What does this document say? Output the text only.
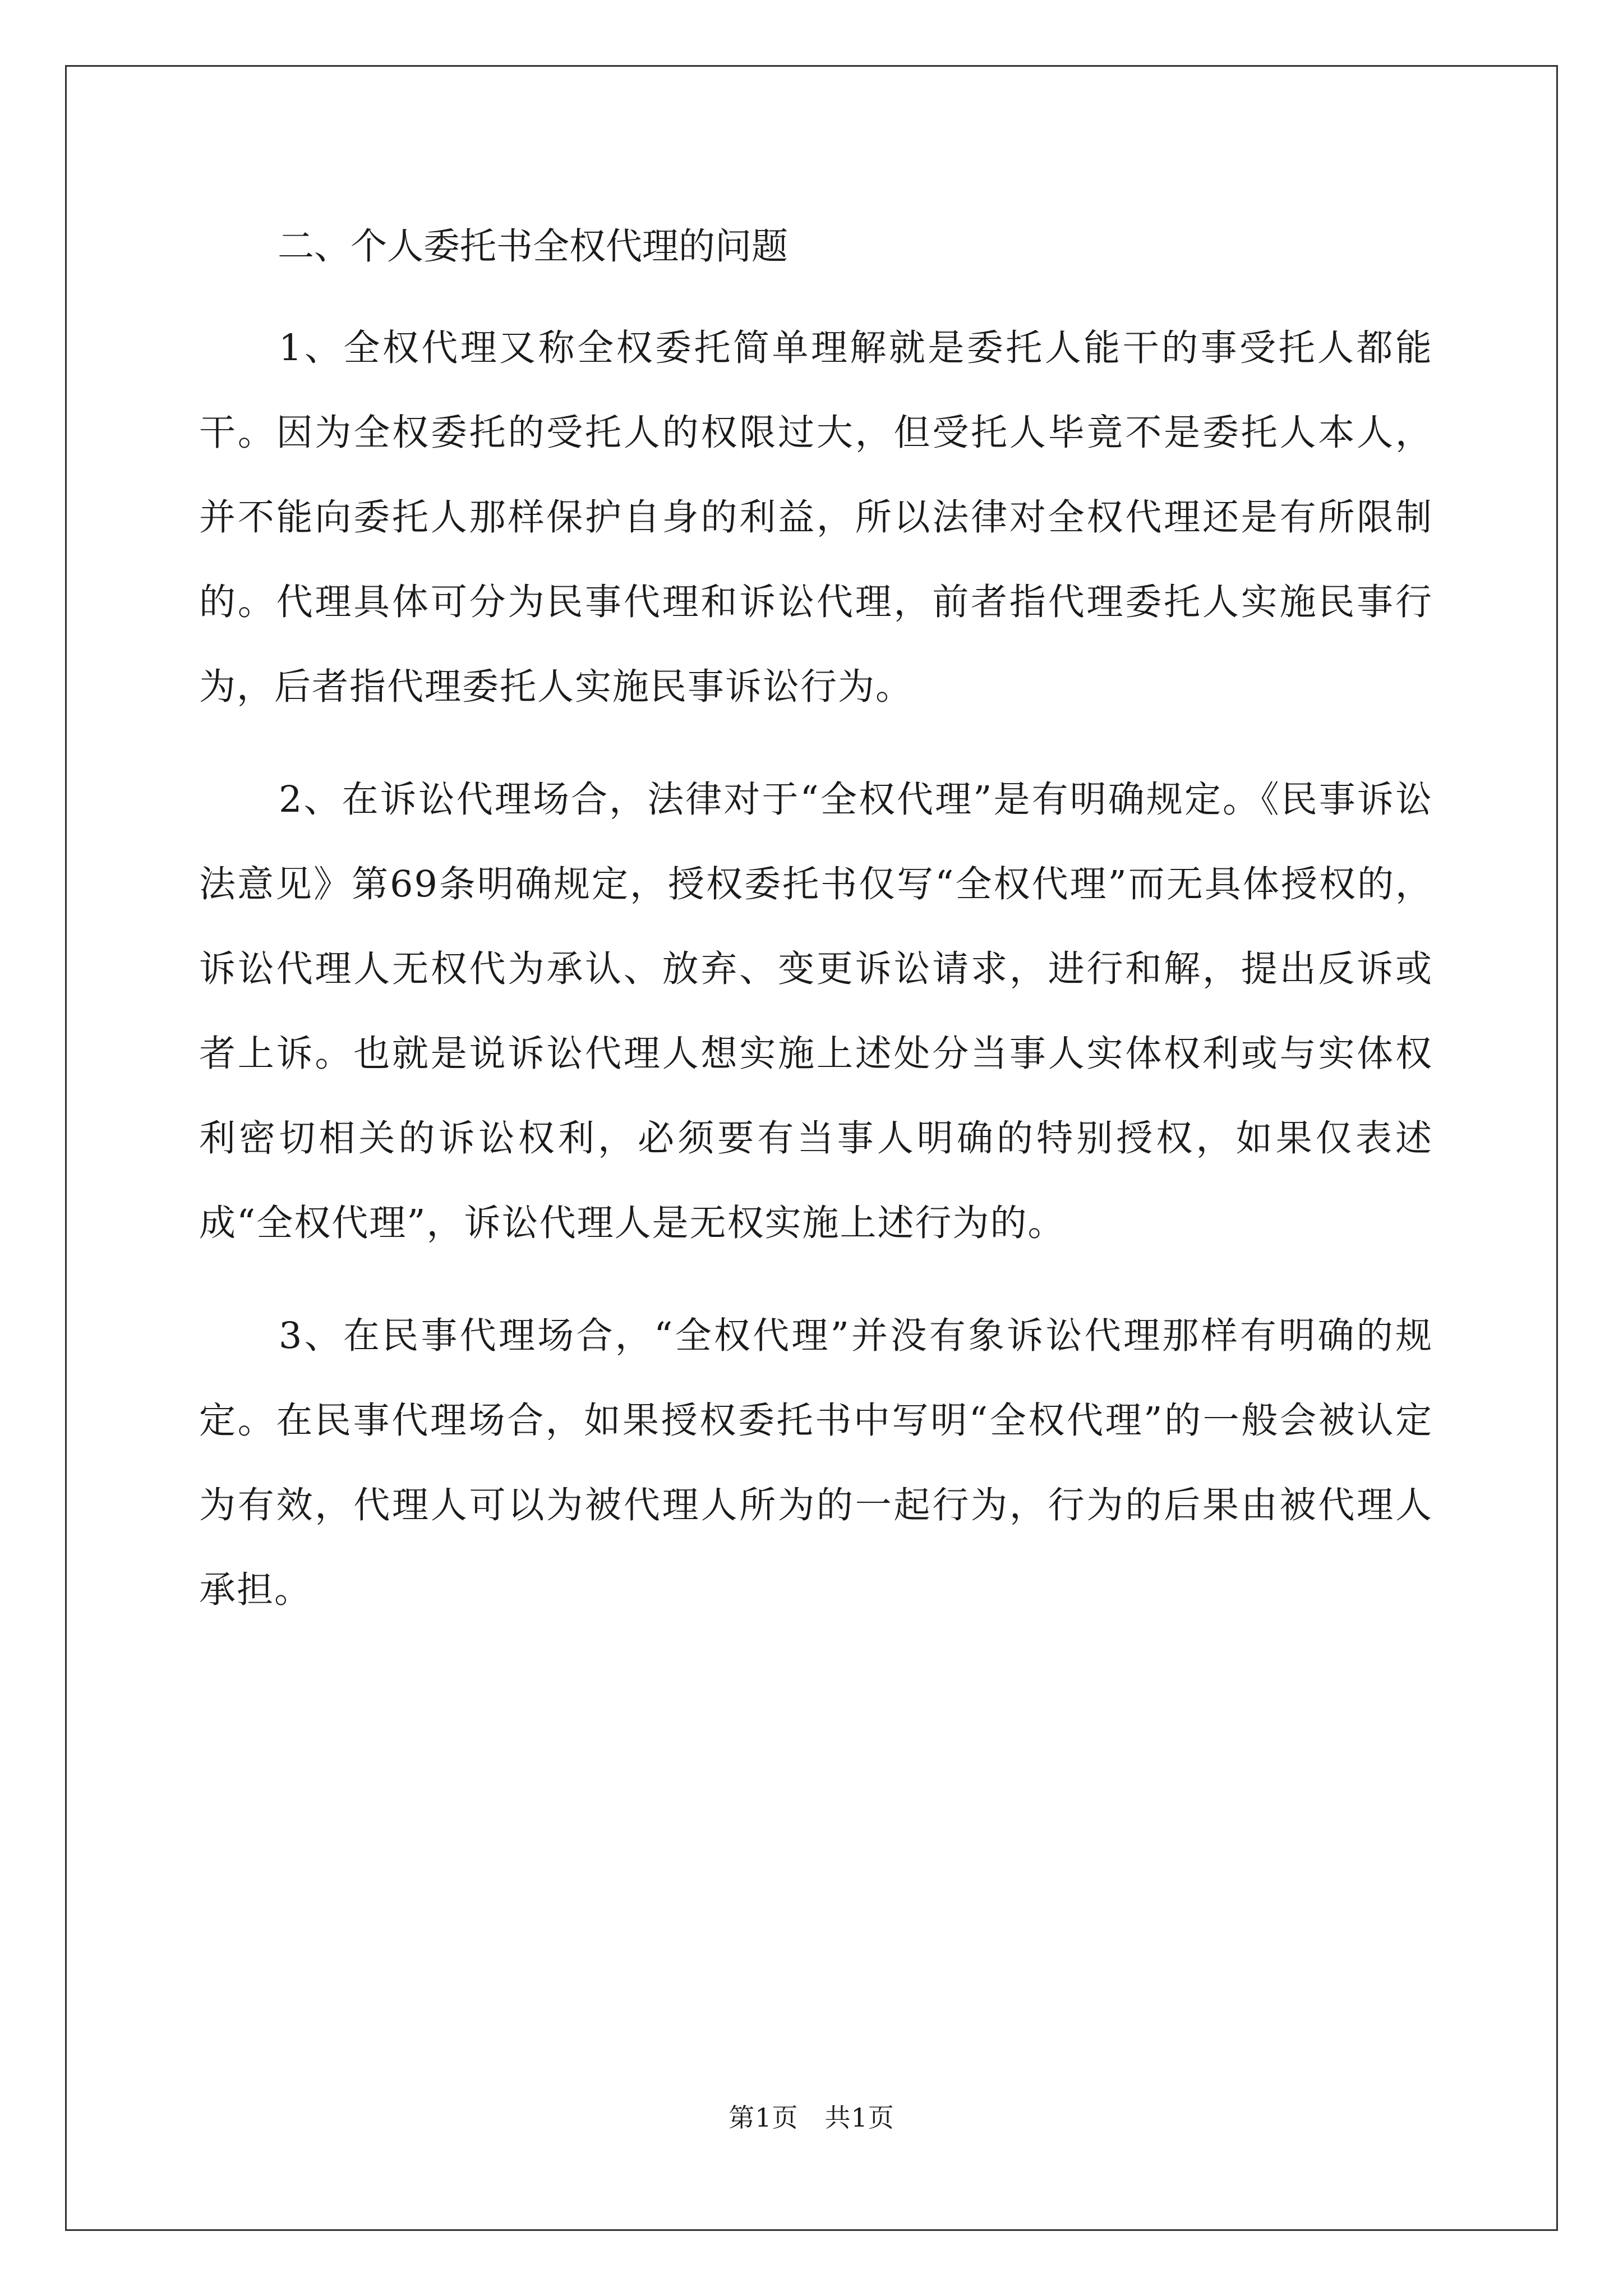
二、个人委托书全权代理的问题

1、全权代理又称全权委托简单理解就是委托人能干的事受托人都能干。因为全权委托的受托人的权限过大，但受托人毕竟不是委托人本人，并不能向委托人那样保护自身的利益，所以法律对全权代理还是有所限制的。代理具体可分为民事代理和诉讼代理，前者指代理委托人实施民事行为，后者指代理委托人实施民事诉讼行为。

2、在诉讼代理场合，法律对于“全权代理”是有明确规定。《民事诉讼法意见》第69条明确规定，授权委托书仅写“全权代理”而无具体授权的，诉讼代理人无权代为承认、放弃、变更诉讼请求，进行和解，提出反诉或者上诉。也就是说诉讼代理人想实施上述处分当事人实体权利或与实体权利密切相关的诉讼权利，必须要有当事人明确的特别授权，如果仅表述成“全权代理”，诉讼代理人是无权实施上述行为的。

3、在民事代理场合，“全权代理”并没有象诉讼代理那样有明确的规定。在民事代理场合，如果授权委托书中写明“全权代理”的一般会被认定为有效，代理人可以为被代理人所为的一起行为，行为的后果由被代理人承担。

第1页　共1页
